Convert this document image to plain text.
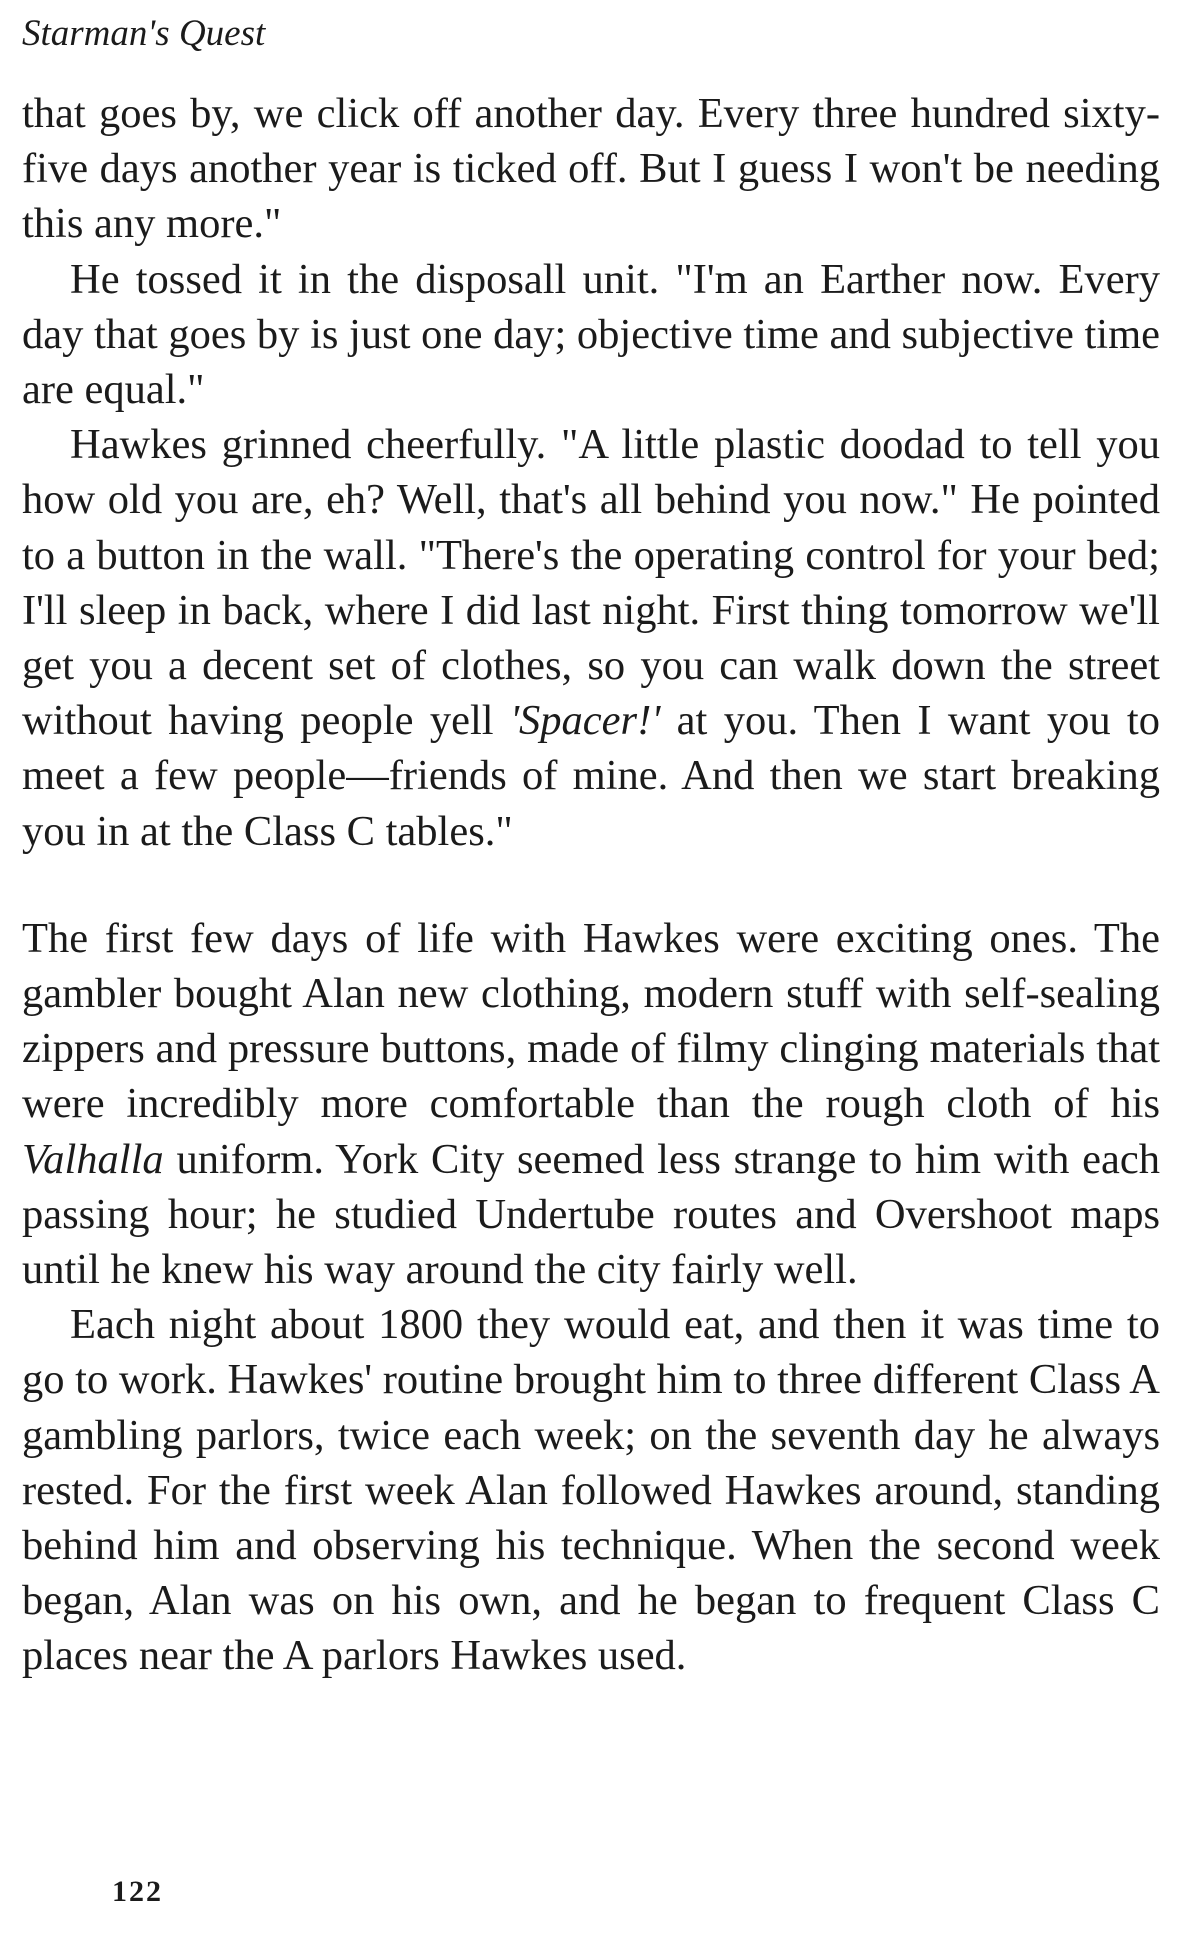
Starman's Quest

that goes by, we click off another day. Every three hundred sixty-five days another year is ticked off. But I guess I won't be needing this any more."

He tossed it in the disposall unit. "I'm an Earther now. Every day that goes by is just one day; objective time and subjective time are equal."

Hawkes grinned cheerfully. "A little plastic doodad to tell you how old you are, eh? Well, that's all behind you now." He pointed to a button in the wall. "There's the operating control for your bed; I'll sleep in back, where I did last night. First thing tomorrow we'll get you a decent set of clothes, so you can walk down the street without having people yell 'Spacer!' at you. Then I want you to meet a few people—friends of mine. And then we start breaking you in at the Class C tables."

The first few days of life with Hawkes were exciting ones. The gambler bought Alan new clothing, modern stuff with self-sealing zippers and pressure buttons, made of filmy clinging materials that were incredibly more comfortable than the rough cloth of his Valhalla uniform. York City seemed less strange to him with each passing hour; he studied Undertube routes and Overshoot maps until he knew his way around the city fairly well.

Each night about 1800 they would eat, and then it was time to go to work. Hawkes' routine brought him to three different Class A gambling parlors, twice each week; on the seventh day he always rested. For the first week Alan followed Hawkes around, standing behind him and observing his technique. When the second week began, Alan was on his own, and he began to frequent Class C places near the A parlors Hawkes used.

122
